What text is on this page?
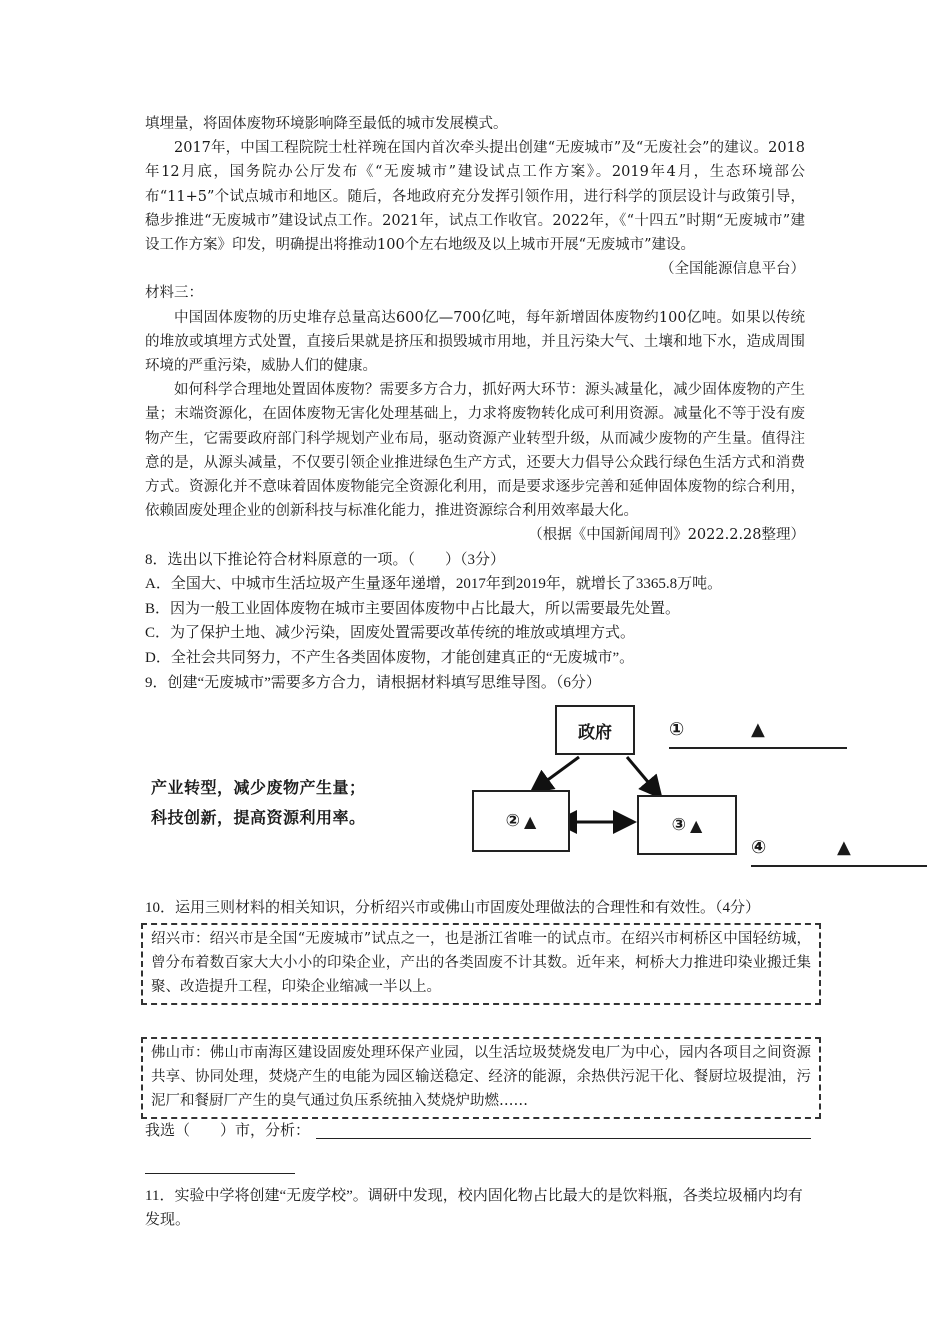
填埋量，将固体废物环境影响降至最低的城市发展模式。

2017年，中国工程院院士杜祥琬在国内首次牵头提出创建“无废城市”及“无废社会”的建议。2018年12月底，国务院办公厅发布《“无废城市”建设试点工作方案》。2019年4月，生态环境部公布“11+5”个试点城市和地区。随后，各地政府充分发挥引领作用，进行科学的顶层设计与政策引导，稳步推进“无废城市”建设试点工作。2021年，试点工作收官。2022年，《“十四五”时期“无废城市”建设工作方案》印发，明确提出将推动100个左右地级及以上城市开展“无废城市”建设。

（全国能源信息平台）

材料三：

中国固体废物的历史堆存总量高达600亿—700亿吨，每年新增固体废物约100亿吨。如果以传统的堆放或填埋方式处置，直接后果就是挤压和损毁城市用地，并且污染大气、土壤和地下水，造成周围环境的严重污染，威胁人们的健康。

如何科学合理地处置固体废物？需要多方合力，抓好两大环节：源头减量化，减少固体废物的产生量；末端资源化，在固体废物无害化处理基础上，力求将废物转化成可利用资源。减量化不等于没有废物产生，它需要政府部门科学规划产业布局，驱动资源产业转型升级，从而减少废物的产生量。值得注意的是，从源头减量，不仅要引领企业推进绿色生产方式，还要大力倡导公众践行绿色生活方式和消费方式。资源化并不意味着固体废物能完全资源化利用，而是要求逐步完善和延伸固体废物的综合利用，依赖固废处理企业的创新科技与标准化能力，推进资源综合利用效率最大化。

（根据《中国新闻周刊》2022.2.28整理）

8．选出以下推论符合材料原意的一项。（　　）（3分）

A．全国大、中城市生活垃圾产生量逐年递增，2017年到2019年，就增长了3365.8万吨。

B．因为一般工业固体废物在城市主要固体废物中占比最大，所以需要最先处置。

C．为了保护土地、减少污染，固废处置需要改革传统的堆放或填埋方式。

D．全社会共同努力，不产生各类固体废物，才能创建真正的“无废城市”。

9．创建“无废城市”需要多方合力，请根据材料填写思维导图。（6分）

政府	①	▲
② ▲	③ ▲
④	▲
产业转型，减少废物产生量；
科技创新，提高资源利用率。

10．运用三则材料的相关知识，分析绍兴市或佛山市固废处理做法的合理性和有效性。（4分）

绍兴市：绍兴市是全国“无废城市”试点之一，也是浙江省唯一的试点市。在绍兴市柯桥区中国轻纺城，曾分布着数百家大大小小的印染企业，产出的各类固废不计其数。近年来，柯桥大力推进印染业搬迁集聚、改造提升工程，印染企业缩减一半以上。

佛山市：佛山市南海区建设固废处理环保产业园，以生活垃圾焚烧发电厂为中心，园内各项目之间资源共享、协同处理，焚烧产生的电能为园区输送稳定、经济的能源，余热供污泥干化、餐厨垃圾提油，污泥厂和餐厨厂产生的臭气通过负压系统抽入焚烧炉助燃……

我选（　　）市，分析：

11．实验中学将创建“无废学校”。调研中发现，校内固化物占比最大的是饮料瓶，各类垃圾桶内均有发现。
